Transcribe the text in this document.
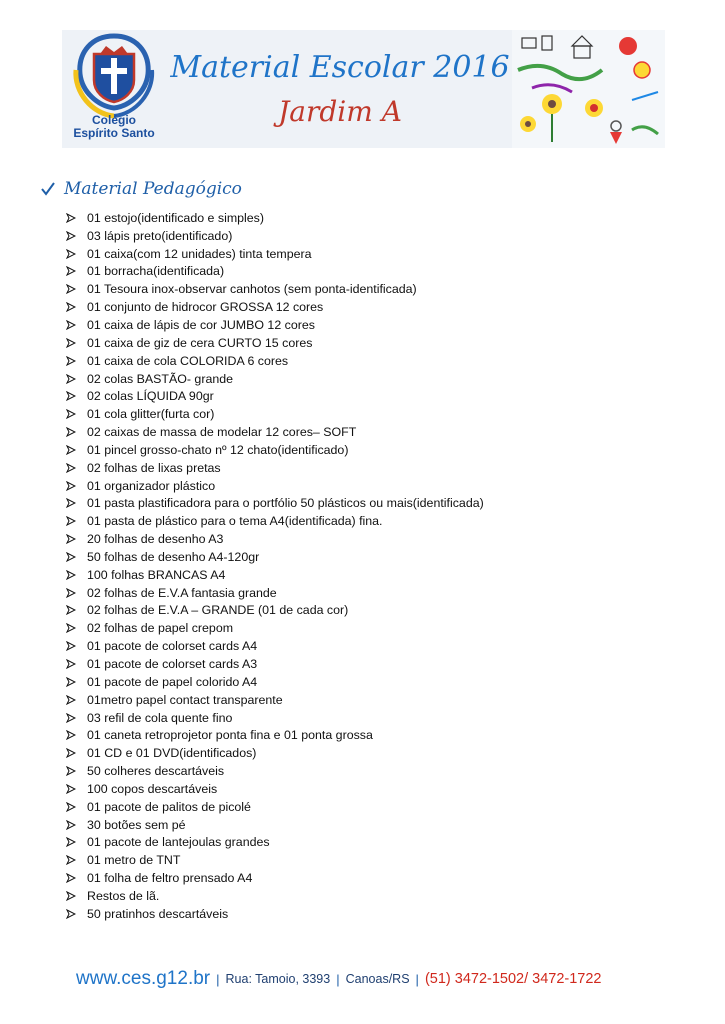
Colégio
Espírito Santo
Material Escolar 2016
Jardim A
Material Pedagógico
01 estojo(identificado e simples)
03 lápis preto(identificado)
01 caixa(com 12 unidades) tinta tempera
01 borracha(identificada)
01 Tesoura inox-observar canhotos (sem ponta-identificada)
01 conjunto de hidrocor GROSSA 12 cores
01 caixa de lápis de cor JUMBO 12 cores
01 caixa de giz de cera CURTO 15 cores
01 caixa de cola COLORIDA 6 cores
02 colas BASTÃO- grande
02 colas LÍQUIDA 90gr
01 cola glitter(furta cor)
02 caixas de massa de modelar 12 cores– SOFT
01 pincel grosso-chato nº 12 chato(identificado)
02 folhas de lixas pretas
01 organizador plástico
01 pasta plastificadora para o portfólio 50 plásticos ou mais(identificada)
01 pasta de plástico para o tema A4(identificada) fina.
20 folhas de desenho A3
50 folhas de desenho A4-120gr
100 folhas BRANCAS A4
02 folhas de E.V.A fantasia grande
02 folhas de E.V.A – GRANDE (01 de cada cor)
02 folhas de papel crepom
01 pacote de colorset cards A4
01 pacote de colorset cards A3
01 pacote de papel colorido A4
01metro papel contact transparente
03 refil de cola quente fino
01 caneta retroprojetor ponta fina e 01 ponta grossa
01 CD e 01 DVD(identificados)
50 colheres descartáveis
100 copos descartáveis
01 pacote de palitos de picolé
30 botões sem pé
01 pacote de lantejoulas grandes
01 metro de TNT
01 folha de feltro prensado A4
Restos de lã.
50 pratinhos descartáveis
www.ces.g12.br | Rua: Tamoio, 3393 | Canoas/RS | (51) 3472-1502/ 3472-1722
